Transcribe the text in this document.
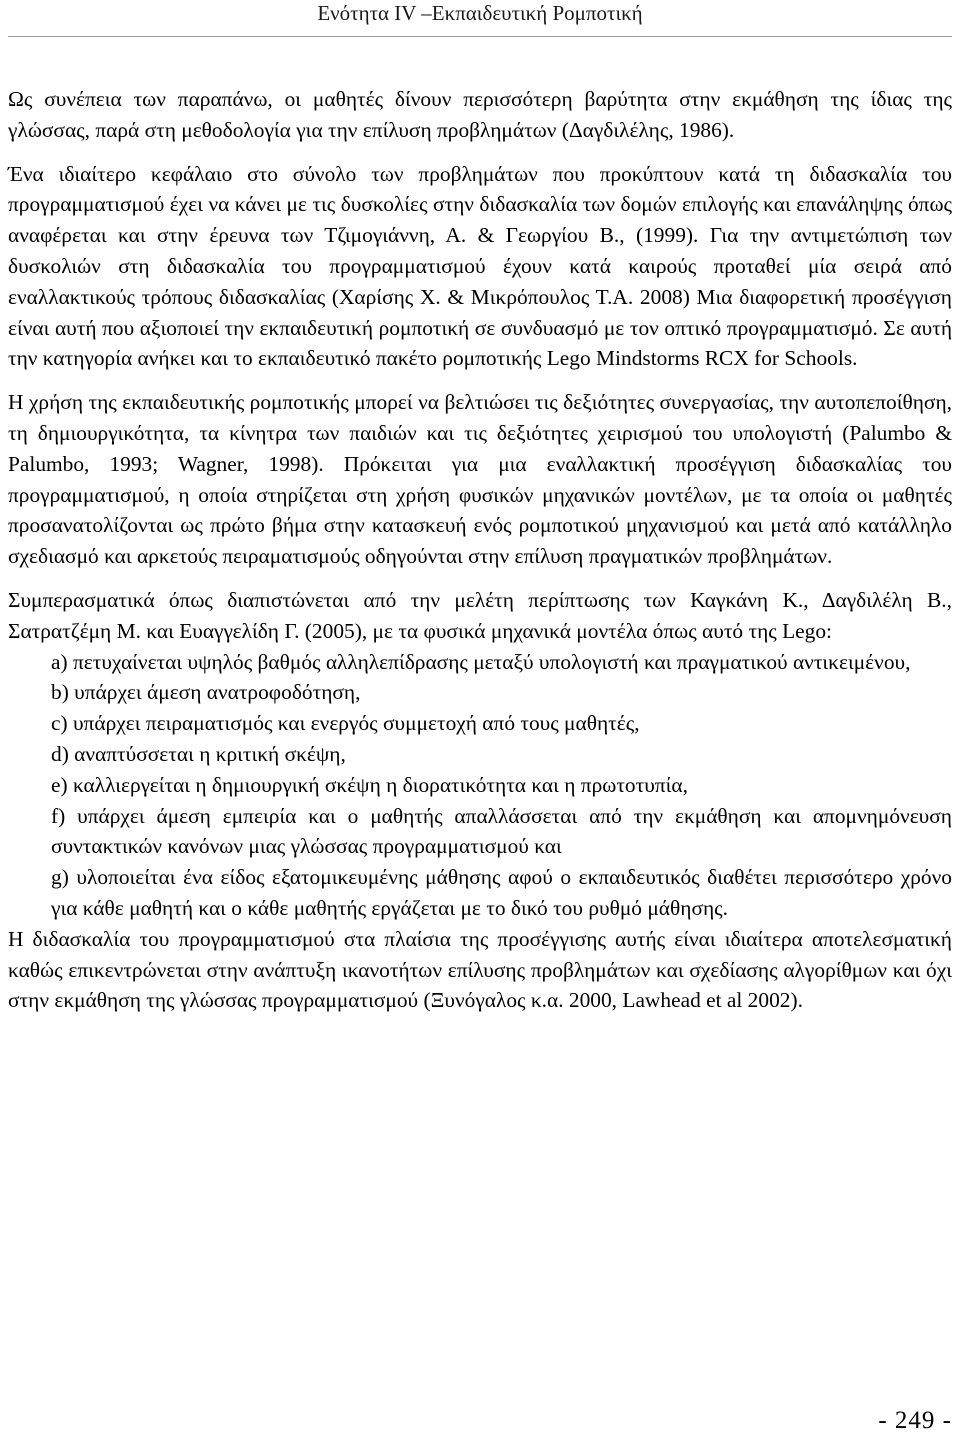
Ενότητα IV –Εκπαιδευτική Ρομποτική

Ως συνέπεια των παραπάνω, οι μαθητές δίνουν περισσότερη βαρύτητα στην εκμάθηση της ίδιας της γλώσσας, παρά στη μεθοδολογία για την επίλυση προβλημάτων (Δαγδιλέλης, 1986).

Ένα ιδιαίτερο κεφάλαιο στο σύνολο των προβλημάτων που προκύπτουν κατά τη διδασκαλία του προγραμματισμού έχει να κάνει με τις δυσκολίες στην διδασκαλία των δομών επιλογής και επανάληψης όπως αναφέρεται και στην έρευνα των Τζιμογιάννη, Α. & Γεωργίου Β., (1999). Για την αντιμετώπιση των δυσκολιών στη διδασκαλία του προγραμματισμού έχουν κατά καιρούς προταθεί μία σειρά από εναλλακτικούς τρόπους διδασκαλίας (Χαρίσης Χ. & Μικρόπουλος Τ.Α. 2008) Μια διαφορετική προσέγγιση είναι αυτή που αξιοποιεί την εκπαιδευτική ρομποτική σε συνδυασμό με τον οπτικό προγραμματισμό. Σε αυτή την κατηγορία ανήκει και το εκπαιδευτικό πακέτο ρομποτικής Lego Mindstorms RCX for Schools.

Η χρήση της εκπαιδευτικής ρομποτικής μπορεί να βελτιώσει τις δεξιότητες συνεργασίας, την αυτοπεποίθηση, τη δημιουργικότητα, τα κίνητρα των παιδιών και τις δεξιότητες χειρισμού του υπολογιστή (Palumbo & Palumbo, 1993; Wagner, 1998). Πρόκειται για μια εναλλακτική προσέγγιση διδασκαλίας του προγραμματισμού, η οποία στηρίζεται στη χρήση φυσικών μηχανικών μοντέλων, με τα οποία οι μαθητές προσανατολίζονται ως πρώτο βήμα στην κατασκευή ενός ρομποτικού μηχανισμού και μετά από κατάλληλο σχεδιασμό και αρκετούς πειραματισμούς οδηγούνται στην επίλυση πραγματικών προβλημάτων.

Συμπερασματικά όπως διαπιστώνεται από την μελέτη περίπτωσης των Καγκάνη Κ., Δαγδιλέλη Β., Σατρατζέμη Μ. και Ευαγγελίδη Γ. (2005), με τα φυσικά μηχανικά μοντέλα όπως αυτό της Lego:

a) πετυχαίνεται υψηλός βαθμός αλληλεπίδρασης μεταξύ υπολογιστή και πραγματικού αντικειμένου,
b) υπάρχει άμεση ανατροφοδότηση,
c) υπάρχει πειραματισμός και ενεργός συμμετοχή από τους μαθητές,
d) αναπτύσσεται η κριτική σκέψη,
e) καλλιεργείται η δημιουργική σκέψη η διορατικότητα και η πρωτοτυπία,
f) υπάρχει άμεση εμπειρία και ο μαθητής απαλλάσσεται από την εκμάθηση και απομνημόνευση συντακτικών κανόνων μιας γλώσσας προγραμματισμού και
g) υλοποιείται ένα είδος εξατομικευμένης μάθησης αφού ο εκπαιδευτικός διαθέτει περισσότερο χρόνο για κάθε μαθητή και ο κάθε μαθητής εργάζεται με το δικό του ρυθμό μάθησης.

Η διδασκαλία του προγραμματισμού στα πλαίσια της προσέγγισης αυτής είναι ιδιαίτερα αποτελεσματική καθώς επικεντρώνεται στην ανάπτυξη ικανοτήτων επίλυσης προβλημάτων και σχεδίασης αλγορίθμων και όχι στην εκμάθηση της γλώσσας προγραμματισμού (Ξυνόγαλος κ.α. 2000, Lawhead et al 2002).

- 249 -
